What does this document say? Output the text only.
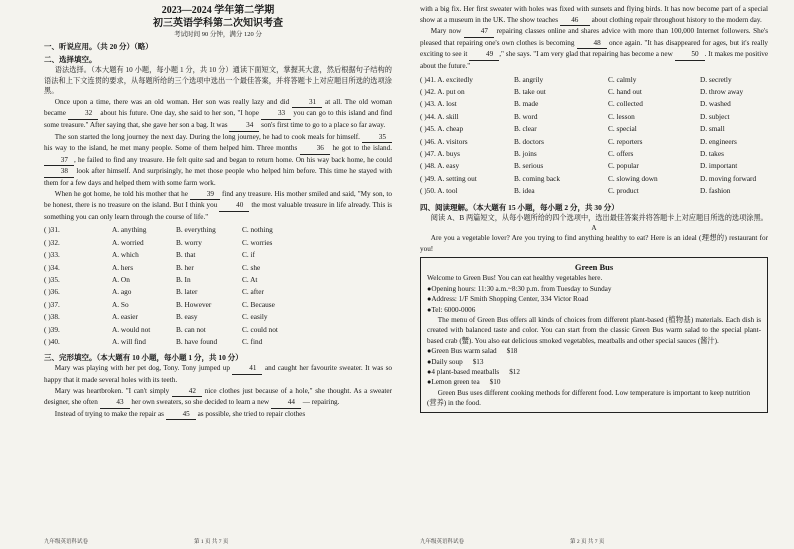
2023—2024 学年第二学期
初三英语学科第二次知识考查
考试时间 90 分钟，满分 120 分
一、听说应用。（共 20 分）（略）
二、选择填空。

语法选择。（本大题有 10 小题，每小题 1 分，共 10 分）通读下面短文，掌握其大意，然后根据句子结构的语法和上下文连贯的要求，从每题所给的三个选项中选出一个最佳答案，并将答题卡上对应题目所选的选项涂黑。

Once upon a time, there was an old woman. Her son was really lazy and did	31 at all. The old woman became	32 about his future. One day, she said to her son, "I hope	33 you can go to this island and find some treasure." After saying that, she gave her son a bag. It was	34 son's first time to go to a place so far away.

The son started the long journey the next day. During the long journey, he had to cook meals for himself.	35 his way to the island, he met many people. Some of them helped him. Three months	36 he got to the island. 37 , he failed to find any treasure. He felt quite sad and began to return home. On his way back home, he could 38 look after himself. And surprisingly, he met those people who helped him before. This time he stayed with them for a few days and helped them with some farm work.

When he got home, he told his mother that he	39 find any treasure. His mother smiled and said, "My son, to be honest, there is no treasure on the island. But I think you	40 the most valuable treasure in life already. This is something you can only learn through the course of life."

( )31.	A. anything	B. everything	C. nothing
( )32.	A. worried	B. worry	C. worries
( )33.	A. which	B. that	C. if
( )34.	A. hers	B. her	C. she
( )35.	A. On	B. In	C. At
( )36.	A. ago	B. later	C. after
( )37.	A. So	B. However	C. Because
( )38.	A. easier	B. easy	C. easily
( )39.	A. would not	B. can not	C. could not
( )40.	A. will find	B. have found	C. find
三、完形填空。（本大题有 10 小题，每小题 1 分，共 10 分）

Mary was playing with her pet dog, Tony. Tony jumped up	41 and caught her favourite sweater. It was so happy that it made several holes with its teeth.

Mary was heartbroken. "I can't simply	42 nice clothes just because of a hole," she thought. As a sweater designer, she often	43 her own sweaters, so she decided to learn a new	44 — repairing.

Instead of trying to make the repair as	45 as possible, she tried to repair clothes

九年级英语科试卷	第 1 页 共 7 页

with a big fix. Her first sweater with holes was fixed with sunsets and flying birds. It has now become part of a special show at a museum in the UK. The show teaches 46 about clothing repair throughout history to the modern day.

Mary now	47 repairing classes online and shares advice with more than 100,000 Internet followers. She's pleased that repairing one's own clothes is becoming	48 once again. "It has disappeared for ages, but it's really exciting to see it	49 ," she says. "I am very glad that repairing has become a new	50 . It makes me positive about the future."

( )41. A. excitedly	B. angrily	C. calmly	D. secretly
( )42. A. put on	B. take out	C. hand out	D. throw away
( )43. A. lost	B. made	C. collected	D. washed
( )44. A. skill	B. word	C. lesson	D. subject
( )45. A. cheap	B. clear	C. special	D. small
( )46. A. visitors	B. doctors	C. reporters	D. engineers
( )47. A. buys	B. joins	C. offers	D. takes
( )48. A. easy	B. serious	C. popular	D. important
( )49. A. setting out	B. coming back	C. slowing down	D. moving forward
( )50. A. tool	B. idea	C. product	D. fashion
四、阅读理解。（本大题有 15 小题，每小题 2 分，共 30 分）

阅读 A、B 两篇短文，从每小题所给的四个选项中，选出最佳答案并将答题卡上对应题目所选的选项涂黑。

A

Are you a vegetable lover? Are you trying to find anything healthy to eat? Here is an ideal (理想的) restaurant for you!

Green Bus

Welcome to Green Bus! You can eat healthy vegetables here.

●Opening hours: 11:30 a.m.~8:30 p.m. from Tuesday to Sunday

●Address: 1/F Smith Shopping Center, 334 Victor Road

●Tel: 6000-0006

The menu of Green Bus offers all kinds of choices from different plant-based (植物基) materials. Each dish is created with balanced taste and color. You can start from the classic Green Bus warm salad to the special plant-based crab (蟹). You also eat delicious smoked vegetables, meatballs and other special sauces (酱汁).

●Green Bus warm salad $18
●Daily soup $13
●4 plant-based meatballs $12
●Lemon green tea $10

Green Bus uses different cooking methods for different food. Low temperature is important to keep nutrition (营养) in the food.

九年级英语科试卷	第 2 页 共 7 页
